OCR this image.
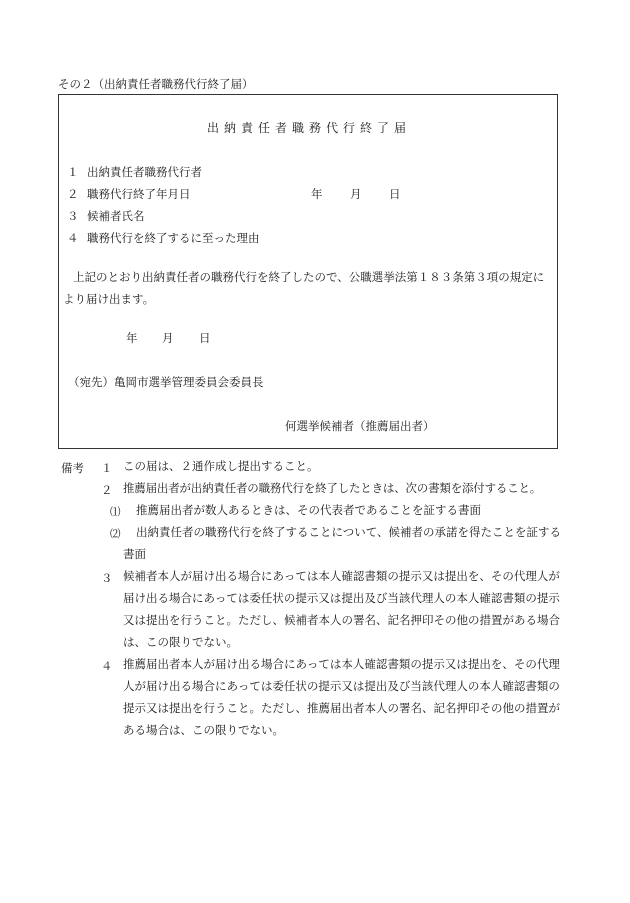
その２（出納責任者職務代行終了届）
出納責任者職務代行終了届
１ 出納責任者職務代行者
２ 職務代行終了年月日	年 月 日
３ 候補者氏名
４ 職務代行を終了するに至った理由
上記のとおり出納責任者の職務代行を終了したので、公職選挙法第１８３条第３項の規定により届け出ます。
年 月 日
（宛先）亀岡市選挙管理委員会委員長
何選挙候補者（推薦届出者）
備考 １ この届は、２通作成し提出すること。
２ 推薦届出者が出納責任者の職務代行を終了したときは、次の書類を添付すること。
⑴ 推薦届出者が数人あるときは、その代表者であることを証する書面
⑵	出納責任者の職務代行を終了することについて、候補者の承諾を得たことを証する書面
３ 候補者本人が届け出る場合にあっては本人確認書類の提示又は提出を、その代理人が届け出る場合にあっては委任状の提示又は提出及び当該代理人の本人確認書類の提示又は提出を行うこと。ただし、候補者本人の署名、記名押印その他の措置がある場合は、この限りでない。
４ 推薦届出者本人が届け出る場合にあっては本人確認書類の提示又は提出を、その代理人が届け出る場合にあっては委任状の提示又は提出及び当該代理人の本人確認書類の提示又は提出を行うこと。ただし、推薦届出者本人の署名、記名押印その他の措置がある場合は、この限りでない。
